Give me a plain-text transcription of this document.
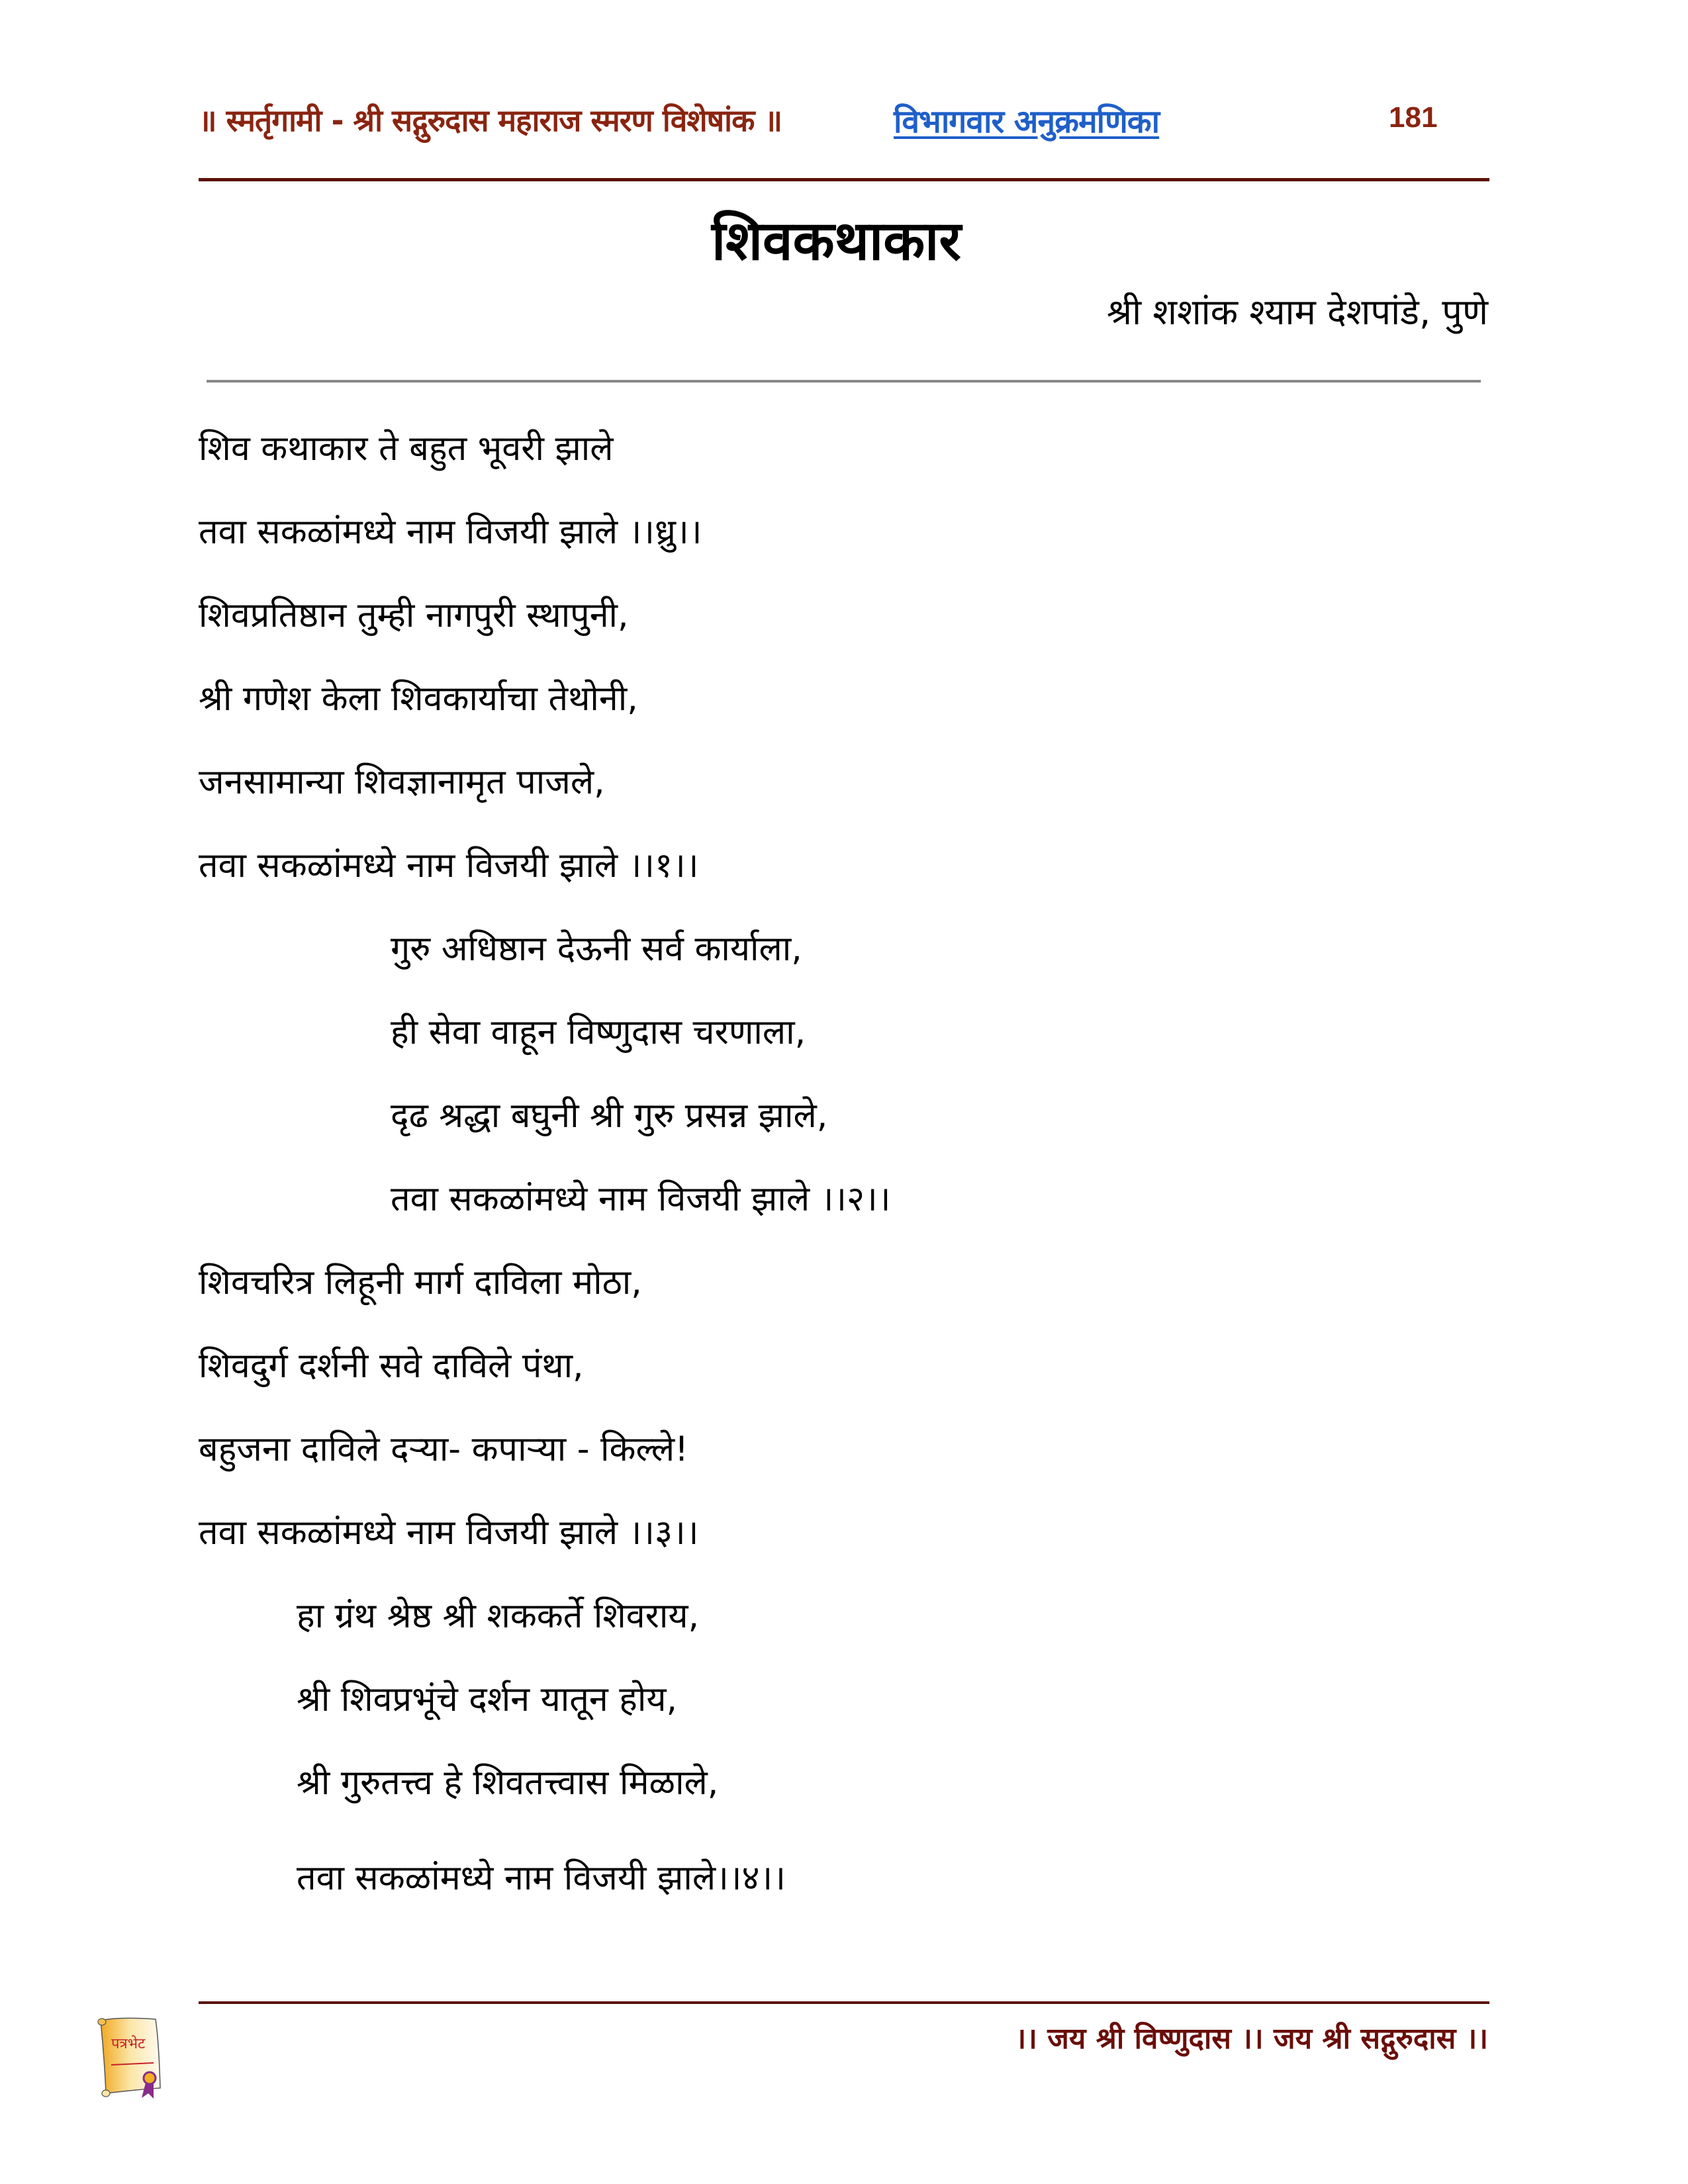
॥ स्मर्तृगामी - श्री सद्गुरुदास महाराज स्मरण विशेषांक ॥	विभागवार अनुक्रमणिका	181
शिवकथाकार
श्री शशांक श्याम देशपांडे, पुणे
शिव कथाकार ते बहुत भूवरी झाले
तवा सकळांमध्ये नाम विजयी झाले ।।ध्रु।।
शिवप्रतिष्ठान तुम्ही नागपुरी स्थापुनी,
श्री गणेश केला शिवकार्याचा तेथोनी,
जनसामान्या शिवज्ञानामृत पाजले,
तवा सकळांमध्ये नाम विजयी झाले ।।१।।
गुरु अधिष्ठान देऊनी सर्व कार्याला,
ही सेवा वाहून विष्णुदास चरणाला,
दृढ श्रद्धा बघुनी श्री गुरु प्रसन्न झाले,
तवा सकळांमध्ये नाम विजयी झाले ।।२।।
शिवचरित्र लिहूनी मार्ग दाविला मोठा,
शिवदुर्ग दर्शनी सवे दाविले पंथा,
बहुजना दाविले दऱ्या- कपाऱ्या - किल्ले!
तवा सकळांमध्ये नाम विजयी झाले ।।३।।
हा ग्रंथ श्रेष्ठ श्री शककर्ते शिवराय,
श्री शिवप्रभूंचे दर्शन यातून होय,
श्री गुरुतत्त्व हे शिवतत्त्वास मिळाले,
तवा सकळांमध्ये नाम विजयी झाले।।४।।
पत्रभेट	।। जय श्री विष्णुदास ।। जय श्री सद्गुरुदास ।।
